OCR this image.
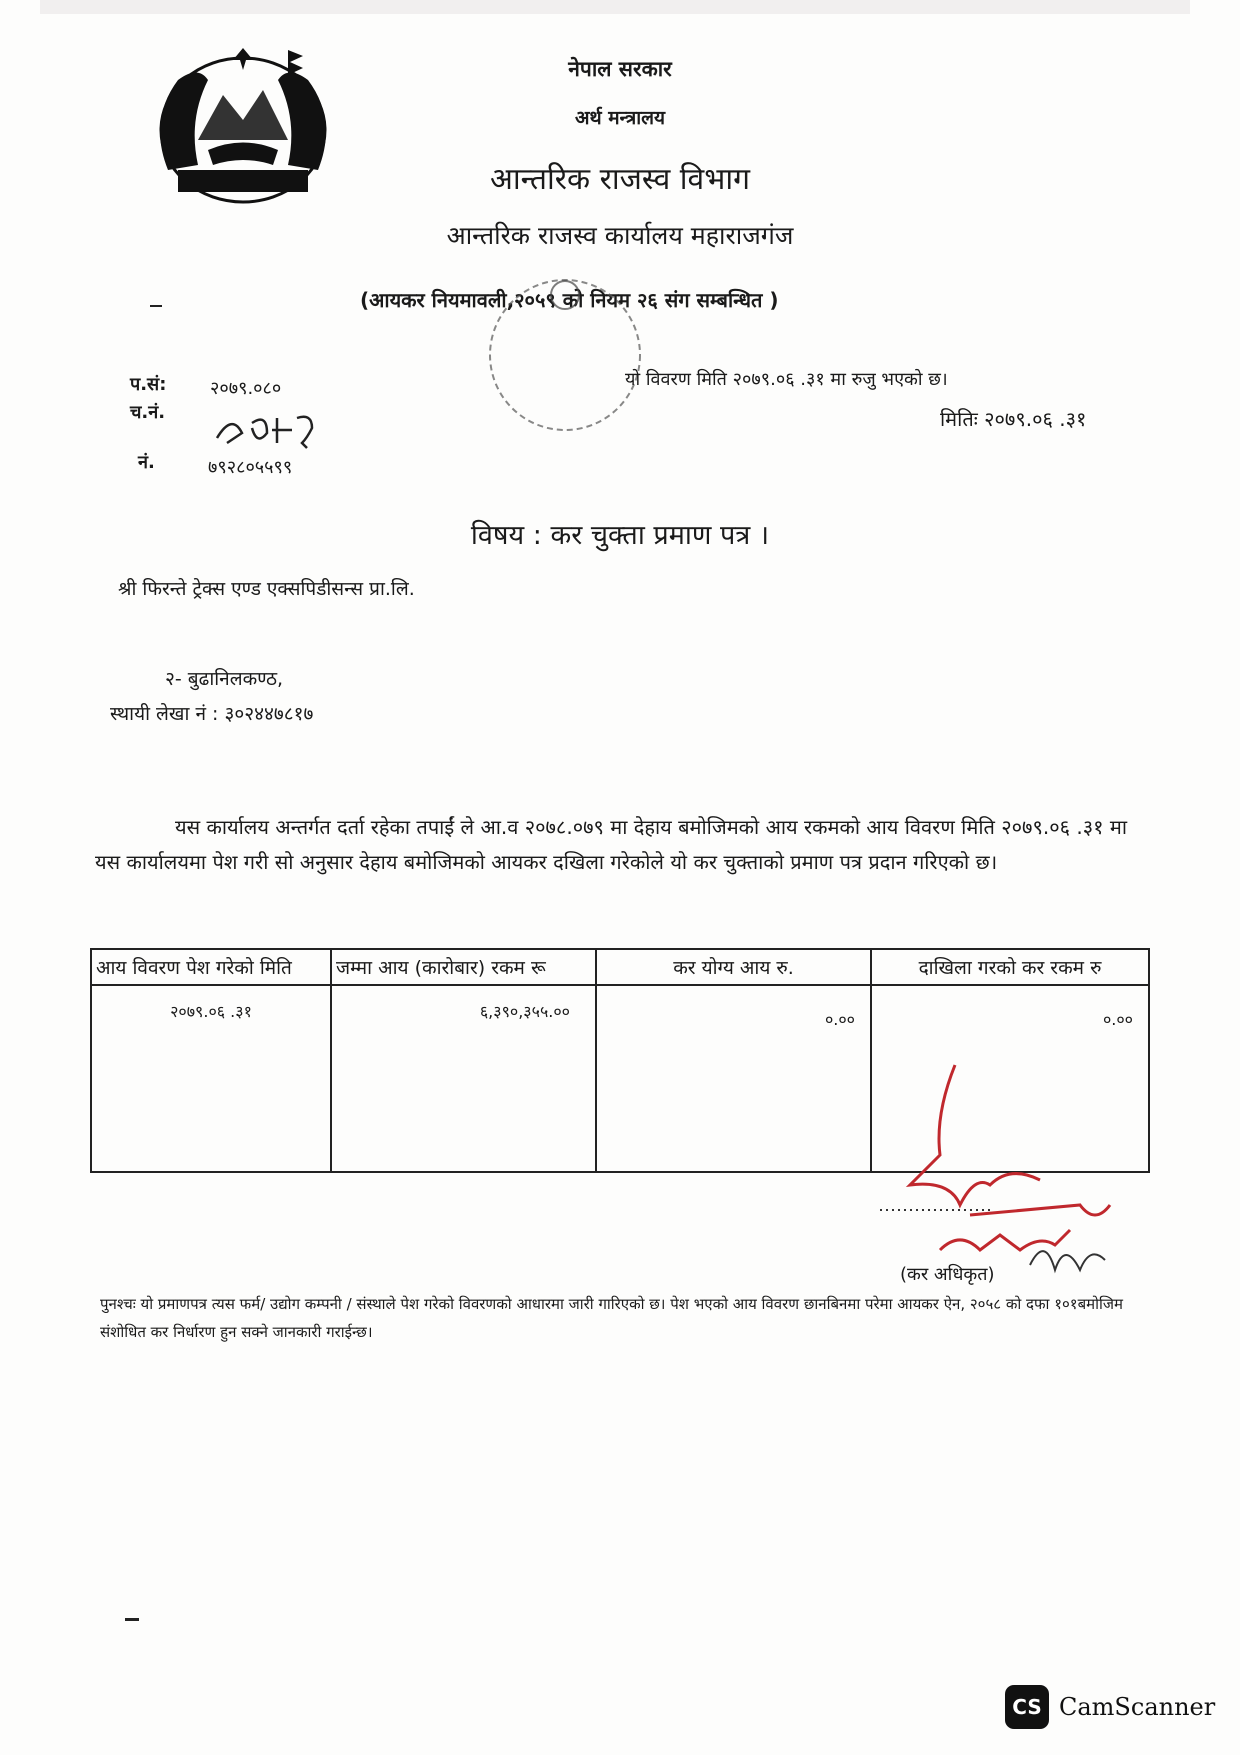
नेपाल सरकार
अर्थ मन्त्रालय
आन्तरिक राजस्व विभाग
आन्तरिक राजस्व कार्यालय महाराजगंज
(आयकर नियमावली,२०५९ को नियम २६ संग सम्बन्धित )
यो विवरण मिति २०७९.०६ .३१ मा रुजु भएको छ।
प.सं: २०७९.०८०
च.नं.
नं.	७९२८०५५९९
मितिः २०७९.०६ .३१
विषय : कर चुक्ता प्रमाण पत्र ।
श्री फिरन्ते ट्रेक्स एण्ड एक्सपिडीसन्स प्रा.लि.
२- बुढानिलकण्ठ,
स्थायी लेखा नं : ३०२४४७८१७
यस कार्यालय अन्तर्गत दर्ता रहेका तपाईं ले आ.व २०७८.०७९ मा देहाय बमोजिमको आय रकमको आय विवरण मिति २०७९.०६ .३१ मा यस कार्यालयमा पेश गरी सो अनुसार देहाय बमोजिमको आयकर दखिला गरेकोले यो कर चुक्ताको प्रमाण पत्र प्रदान गरिएको छ।
आय विवरण पेश गरेको मिति	जम्मा आय (कारोबार) रकम रू	कर योग्य आय रु.	दाखिला गरको कर रकम रु
२०७९.०६ .३१	६,३९०,३५५.००	०.००	०.००
(कर अधिकृत)
पुनश्चः यो प्रमाणपत्र त्यस फर्म/ उद्योग कम्पनी / संस्थाले पेश गरेको विवरणको आधारमा जारी गारिएको छ। पेश भएको आय विवरण छानबिनमा परेमा आयकर ऐन, २०५८ को दफा १०१बमोजिम संशोधित कर निर्धारण हुन सक्ने जानकारी गराईन्छ।
CS CamScanner
